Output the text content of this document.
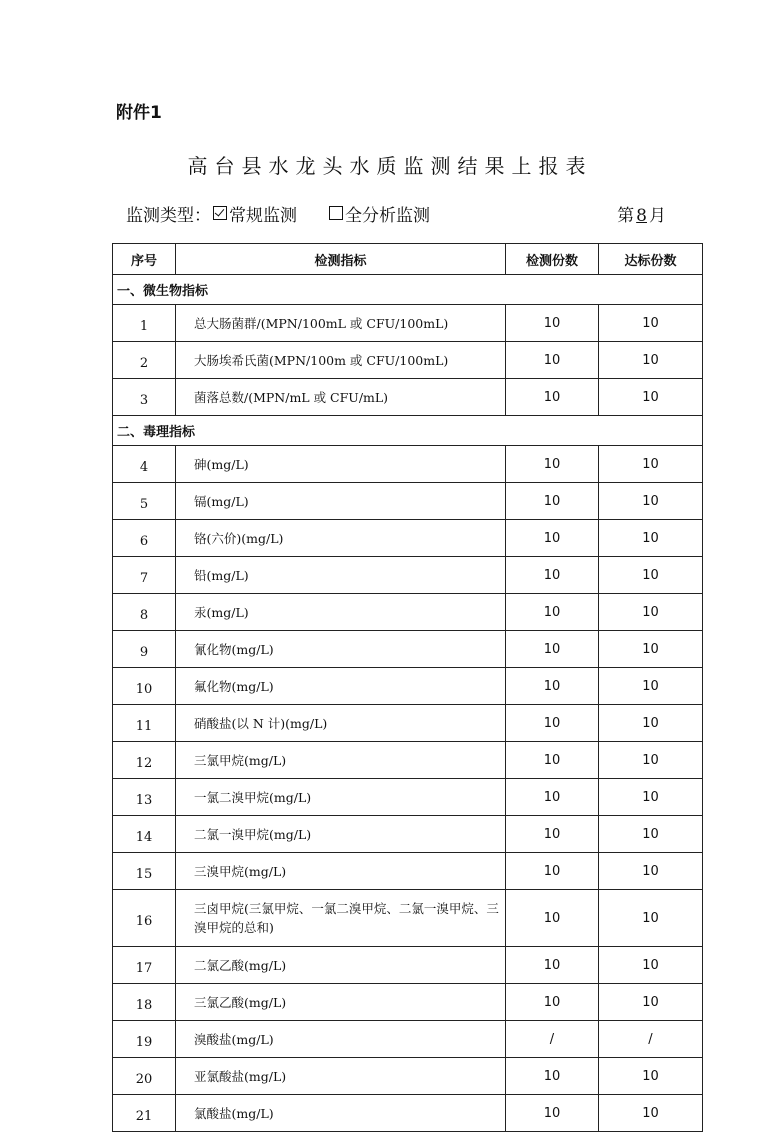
附件1
高台县水龙头水质监测结果上报表
监测类型： 常规监测	全分析监测	第 8 月
序号	检测指标	检测份数	达标份数
一、微生物指标			
1	总大肠菌群/(MPN/100mL 或 CFU/100mL)	10	10
2	大肠埃希氏菌(MPN/100m 或 CFU/100mL)	10	10
3	菌落总数/(MPN/mL 或 CFU/mL)	10	10
二、毒理指标			
4	砷(mg/L)	10	10
5	镉(mg/L)	10	10
6	铬(六价)(mg/L)	10	10
7	铅(mg/L)	10	10
8	汞(mg/L)	10	10
9	氰化物(mg/L)	10	10
10	氟化物(mg/L)	10	10
11	硝酸盐(以 N 计)(mg/L)	10	10
12	三氯甲烷(mg/L)	10	10
13	一氯二溴甲烷(mg/L)	10	10
14	二氯一溴甲烷(mg/L)	10	10
15	三溴甲烷(mg/L)	10	10
16	三卤甲烷(三氯甲烷、一氯二溴甲烷、二氯一溴甲烷、三溴甲烷的总和)	10	10
17	二氯乙酸(mg/L)	10	10
18	三氯乙酸(mg/L)	10	10
19	溴酸盐(mg/L)	/	/
20	亚氯酸盐(mg/L)	10	10
21	氯酸盐(mg/L)	10	10
